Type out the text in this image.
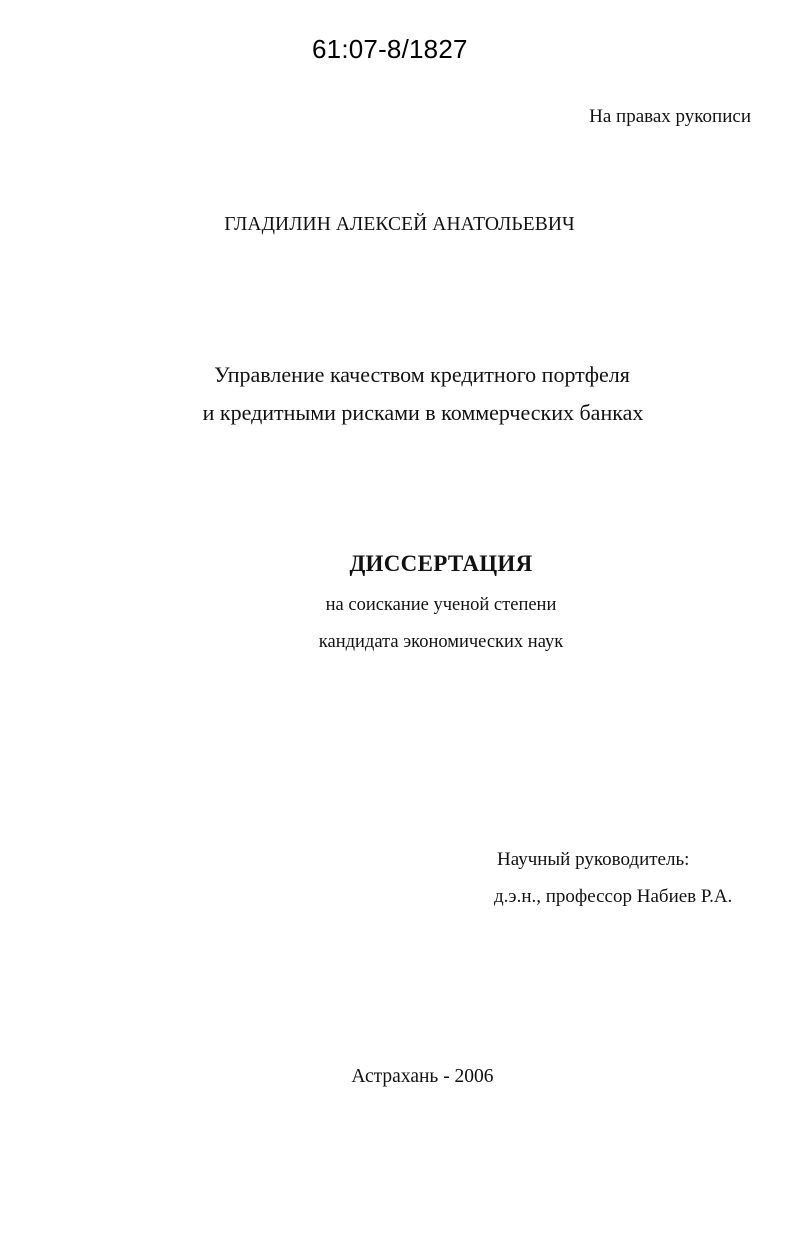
61:07-8/1827
На правах рукописи
ГЛАДИЛИН АЛЕКСЕЙ АНАТОЛЬЕВИЧ
Управление качеством кредитного портфеля
и кредитными рисками в коммерческих банках
ДИССЕРТАЦИЯ
на соискание ученой степени
кандидата экономических наук
Научный руководитель:
д.э.н., профессор Набиев Р.А.
Астрахань - 2006
